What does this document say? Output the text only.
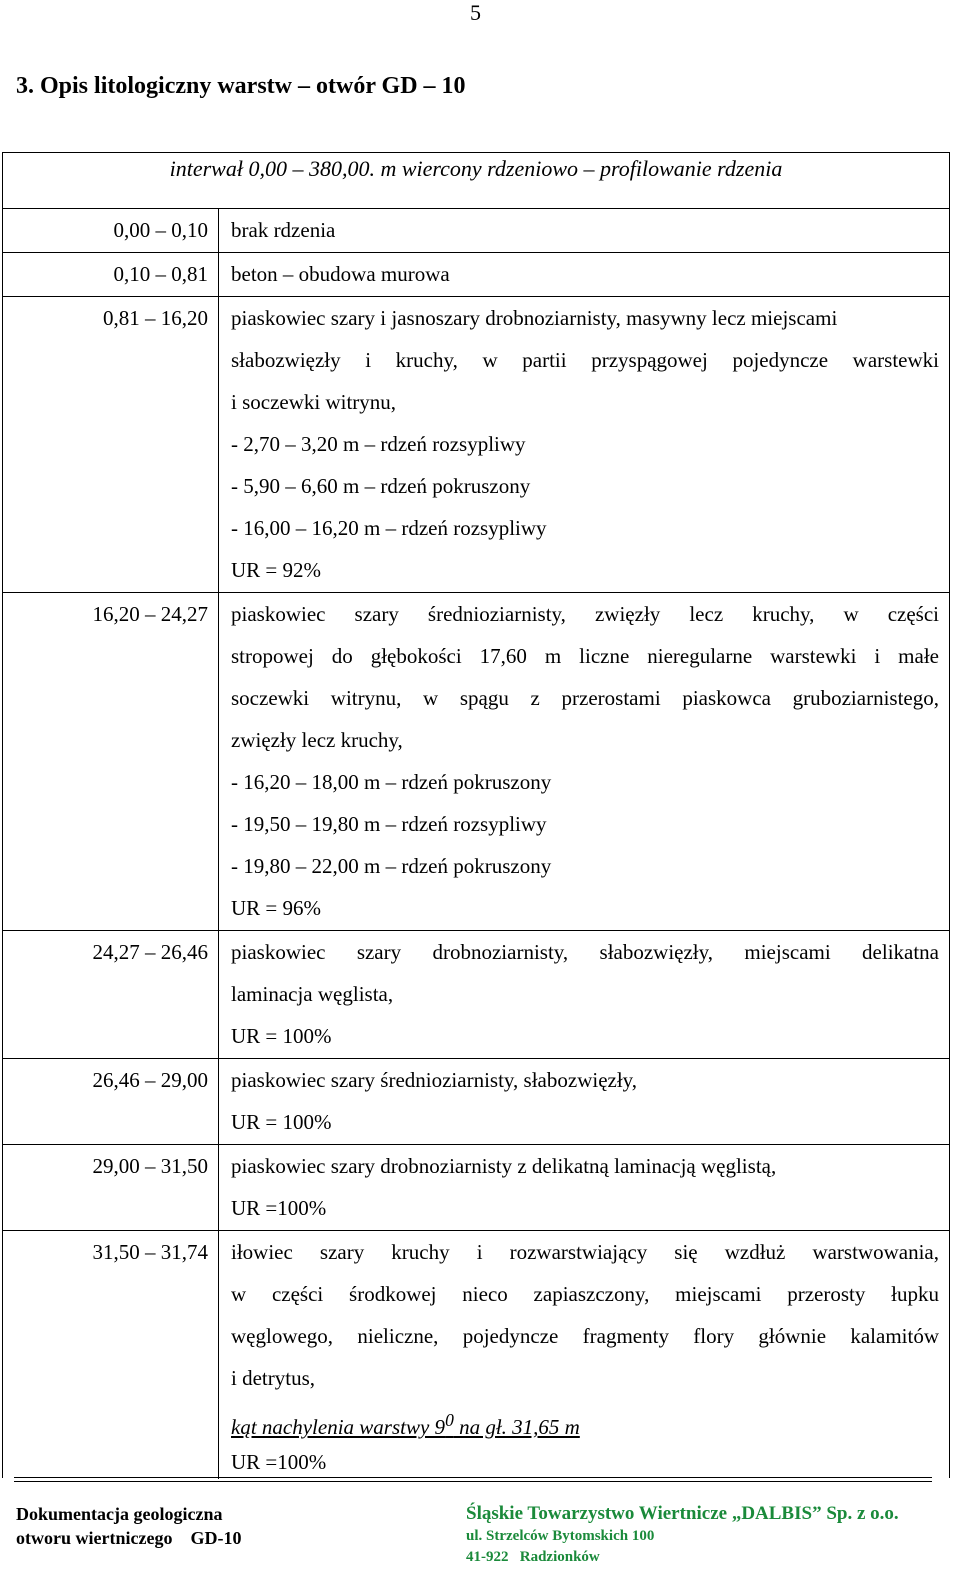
5
3. Opis litologiczny warstw – otwór GD – 10
interwał 0,00 – 380,00. m wiercony rdzeniowo – profilowanie rdzenia
0,00 – 0,10	brak rdzenia
0,10 – 0,81	beton – obudowa murowa
0,81 – 16,20	piaskowiec szary i jasnoszary drobnoziarnisty, masywny lecz miejscami
słabozwięzły i kruchy, w partii przyspągowej pojedyncze warstewki
i soczewki witrynu,
- 2,70 – 3,20 m – rdzeń rozsypliwy
- 5,90 – 6,60 m – rdzeń pokruszony
- 16,00 – 16,20 m – rdzeń rozsypliwy
UR = 92%
16,20 – 24,27	piaskowiec szary średnioziarnisty, zwięzły lecz kruchy, w części
stropowej do głębokości 17,60 m liczne nieregularne warstewki i małe
soczewki witrynu, w spągu z przerostami piaskowca gruboziarnistego,
zwięzły lecz kruchy,
- 16,20 – 18,00 m – rdzeń pokruszony
- 19,50 – 19,80 m – rdzeń rozsypliwy
- 19,80 – 22,00 m – rdzeń pokruszony
UR = 96%
24,27 – 26,46	piaskowiec szary drobnoziarnisty, słabozwięzły, miejscami delikatna
laminacja węglista,
UR = 100%
26,46 – 29,00	piaskowiec szary średnioziarnisty, słabozwięzły,
UR = 100%
29,00 – 31,50	piaskowiec szary drobnoziarnisty z delikatną laminacją węglistą,
UR =100%
31,50 – 31,74	iłowiec szary kruchy i rozwarstwiający się wzdłuż warstwowania,
w części środkowej nieco zapiaszczony, miejscami przerosty łupku
węglowego, nieliczne, pojedyncze fragmenty flory głównie kalamitów
i detrytus,
kąt nachylenia warstwy $9^0$ na gł. 31,65 m
UR =100%
Dokumentacja geologiczna
otworu wiertniczego    GD-10
Śląskie Towarzystwo Wiertnicze „DALBIS” Sp. z o.o.
ul. Strzelców Bytomskich 100
41-922   Radzionków
